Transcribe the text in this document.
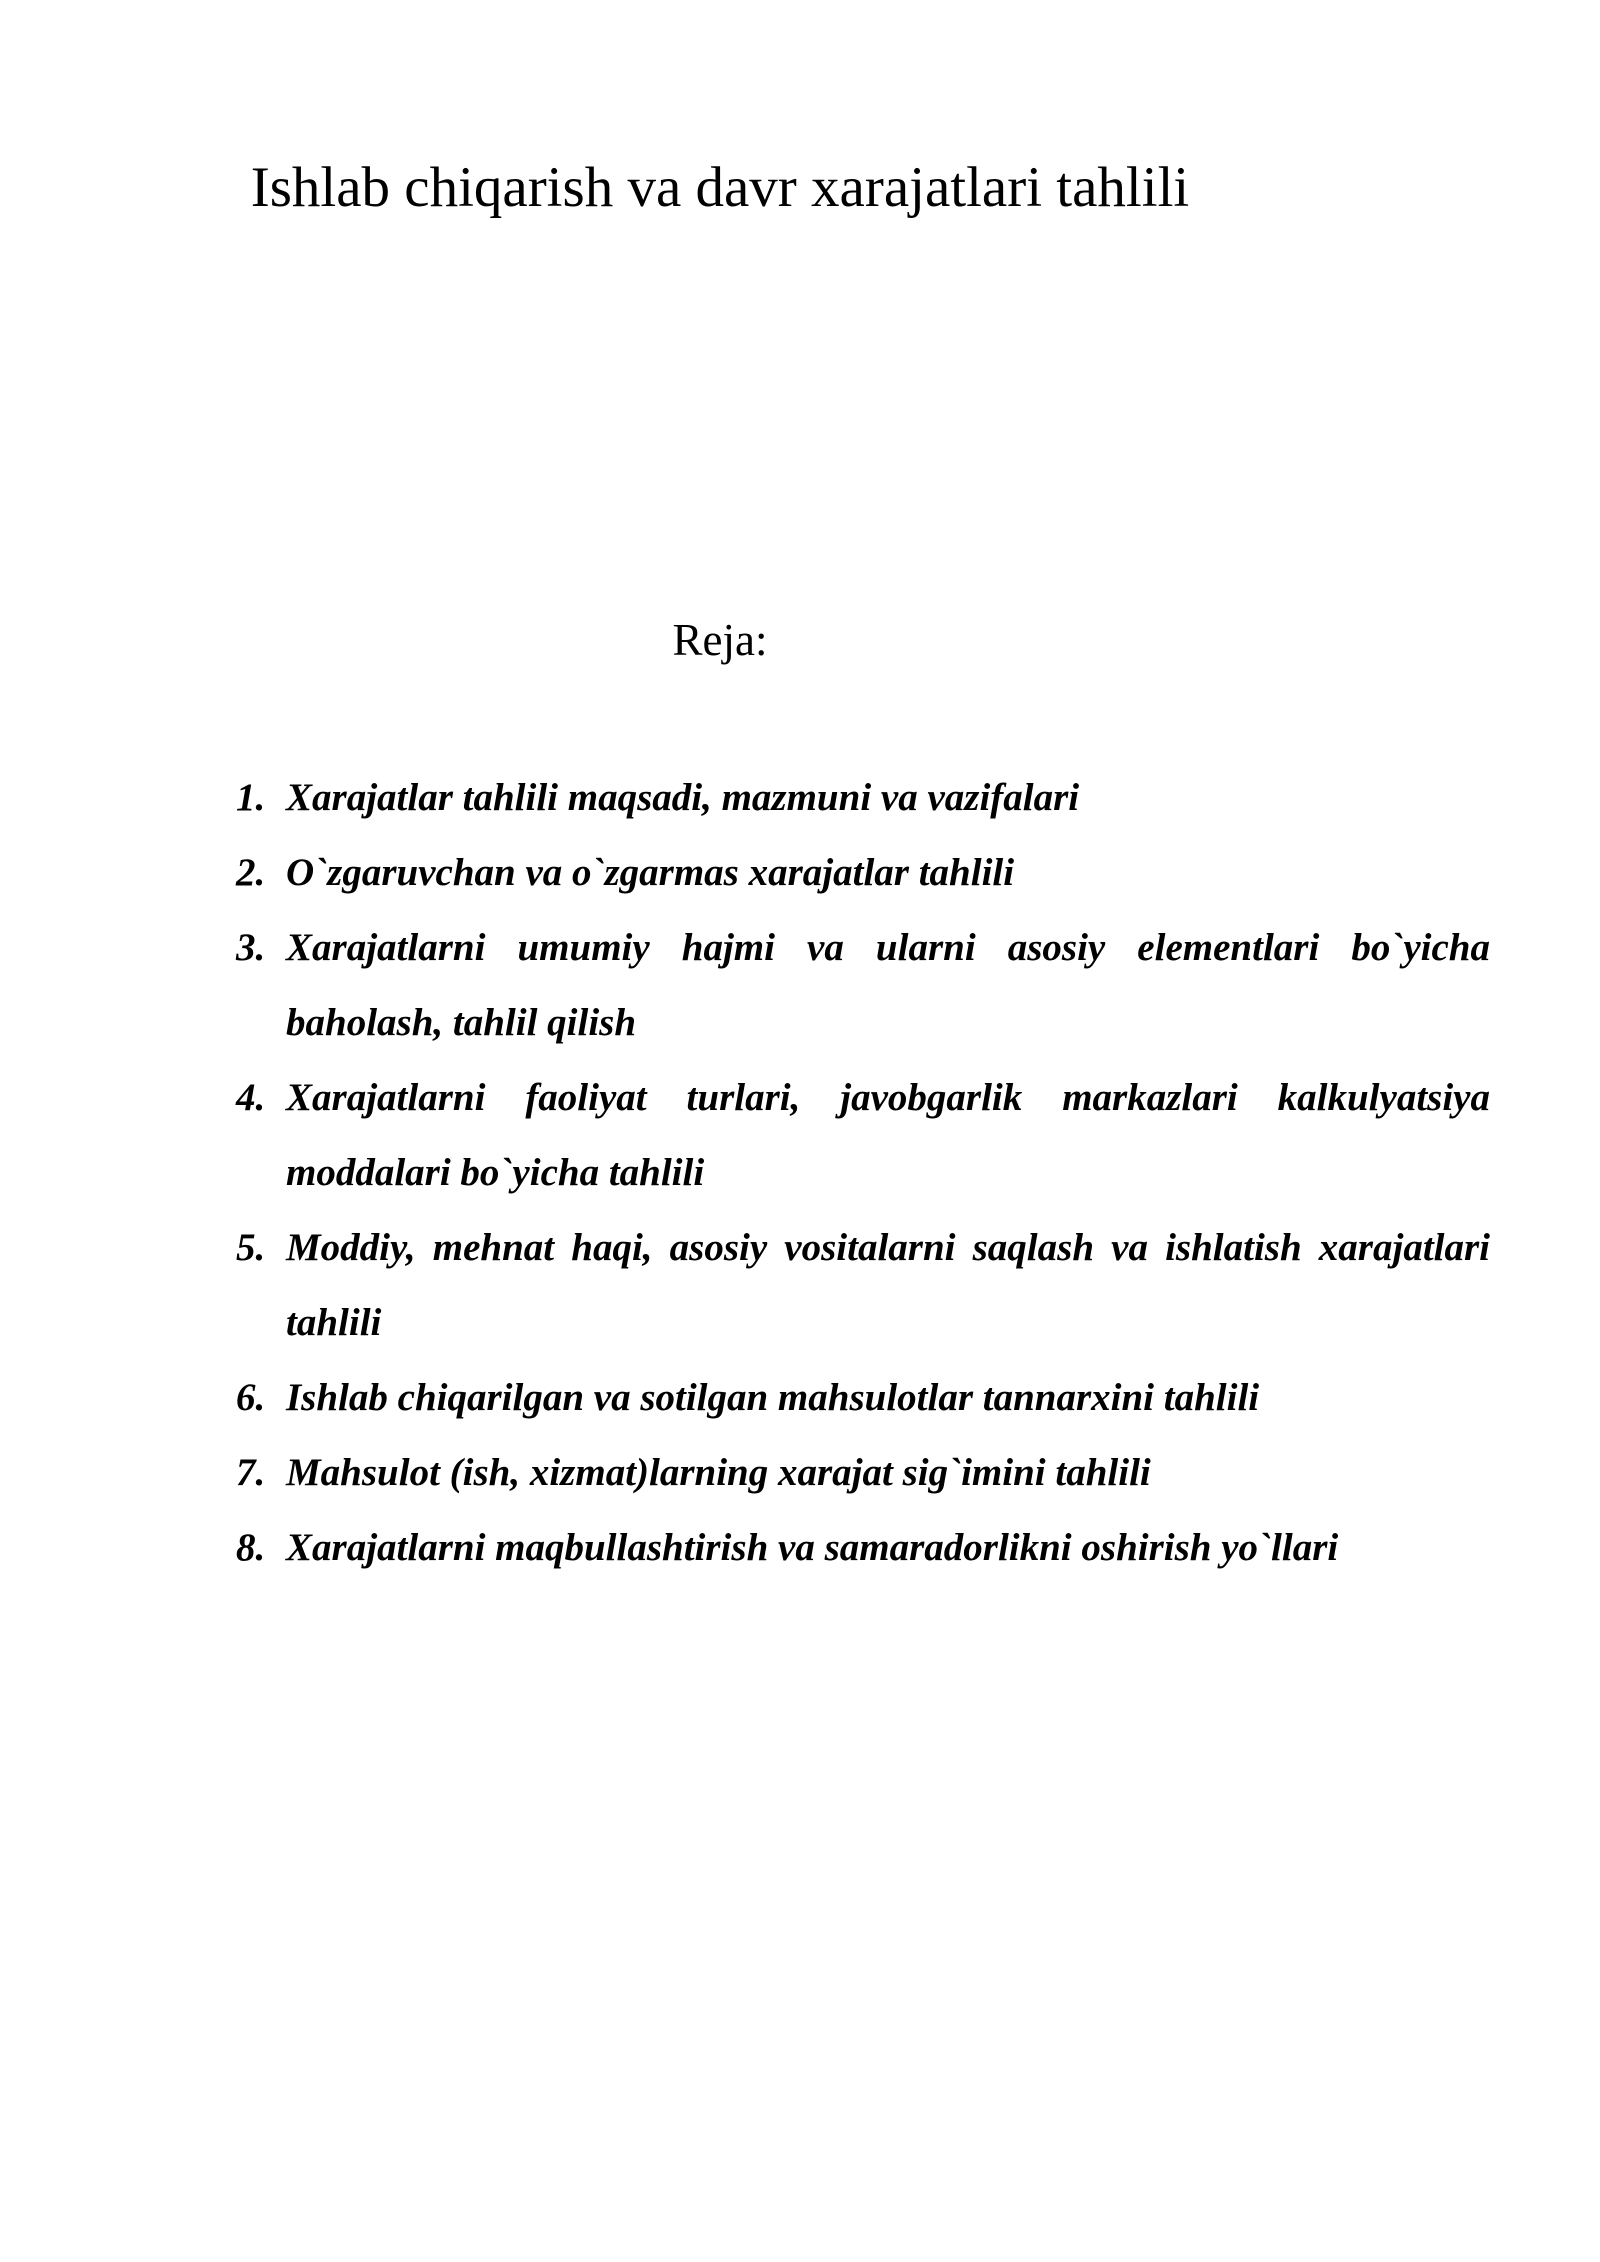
Ishlab chiqarish va davr xarajatlari tahlili
Reja:
1. Xarajatlar tahlili maqsadi, mazmuni va vazifalari
2. O`zgaruvchan va o`zgarmas xarajatlar tahlili
3. Xarajatlarni umumiy hajmi va ularni asosiy elementlari bo`yicha baholash, tahlil qilish
4. Xarajatlarni faoliyat turlari, javobgarlik markazlari kalkulyatsiya moddalari bo`yicha tahlili
5. Moddiy, mehnat haqi, asosiy vositalarni saqlash va ishlatish xarajatlari tahlili
6. Ishlab chiqarilgan va sotilgan mahsulotlar tannarxini tahlili
7. Mahsulot (ish, xizmat)larning xarajat sig`imini tahlili
8. Xarajatlarni maqbullashtirish va samaradorlikni oshirish yo`llari
